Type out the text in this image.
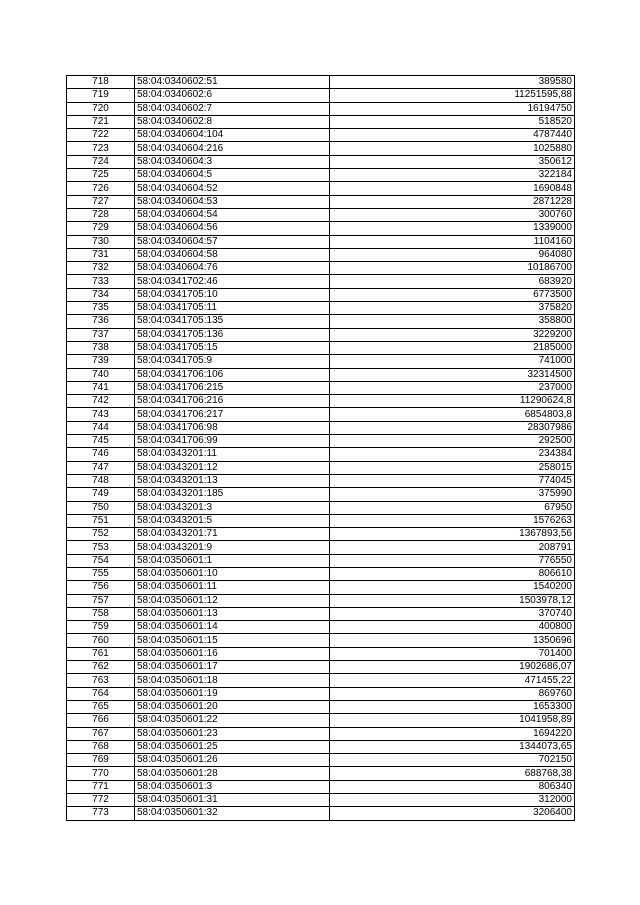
718	58:04:0340602:51	389580
719	58:04:0340602:6	11251595,88
720	58:04:0340602:7	16194750
721	58:04:0340602:8	518520
722	58:04:0340604:104	4787440
723	58:04:0340604:216	1025880
724	58:04:0340604:3	350612
725	58:04:0340604:5	322184
726	58:04:0340604:52	1690848
727	58:04:0340604:53	2871228
728	58:04:0340604:54	300760
729	58:04:0340604:56	1339000
730	58:04:0340604:57	1104160
731	58:04:0340604:58	964080
732	58:04:0340604:76	10186700
733	58:04:0341702:46	683920
734	58:04:0341705:10	6773500
735	58:04:0341705:11	375820
736	58:04:0341705:135	358800
737	58:04:0341705:136	3229200
738	58:04:0341705:15	2185000
739	58:04:0341705:9	741000
740	58:04:0341706:106	32314500
741	58:04:0341706:215	237000
742	58:04:0341706:216	11290624,8
743	58:04:0341706:217	6854803,8
744	58:04:0341706:98	28307986
745	58:04:0341706:99	292500
746	58:04:0343201:11	234384
747	58:04:0343201:12	258015
748	58:04:0343201:13	774045
749	58:04:0343201:185	375990
750	58:04:0343201:3	67950
751	58:04:0343201:5	1576263
752	58:04:0343201:71	1367893,56
753	58:04:0343201:9	208791
754	58:04:0350601:1	776550
755	58:04:0350601:10	806610
756	58:04:0350601:11	1540200
757	58:04:0350601:12	1503978,12
758	58:04:0350601:13	370740
759	58:04:0350601:14	400800
760	58:04:0350601:15	1350696
761	58:04:0350601:16	701400
762	58:04:0350601:17	1902686,07
763	58:04:0350601:18	471455,22
764	58:04:0350601:19	869760
765	58:04:0350601:20	1653300
766	58:04:0350601:22	1041958,89
767	58:04:0350601:23	1694220
768	58:04:0350601:25	1344073,65
769	58:04:0350601:26	702150
770	58:04:0350601:28	688768,38
771	58:04:0350601:3	806340
772	58:04:0350601:31	312000
773	58:04:0350601:32	3206400
